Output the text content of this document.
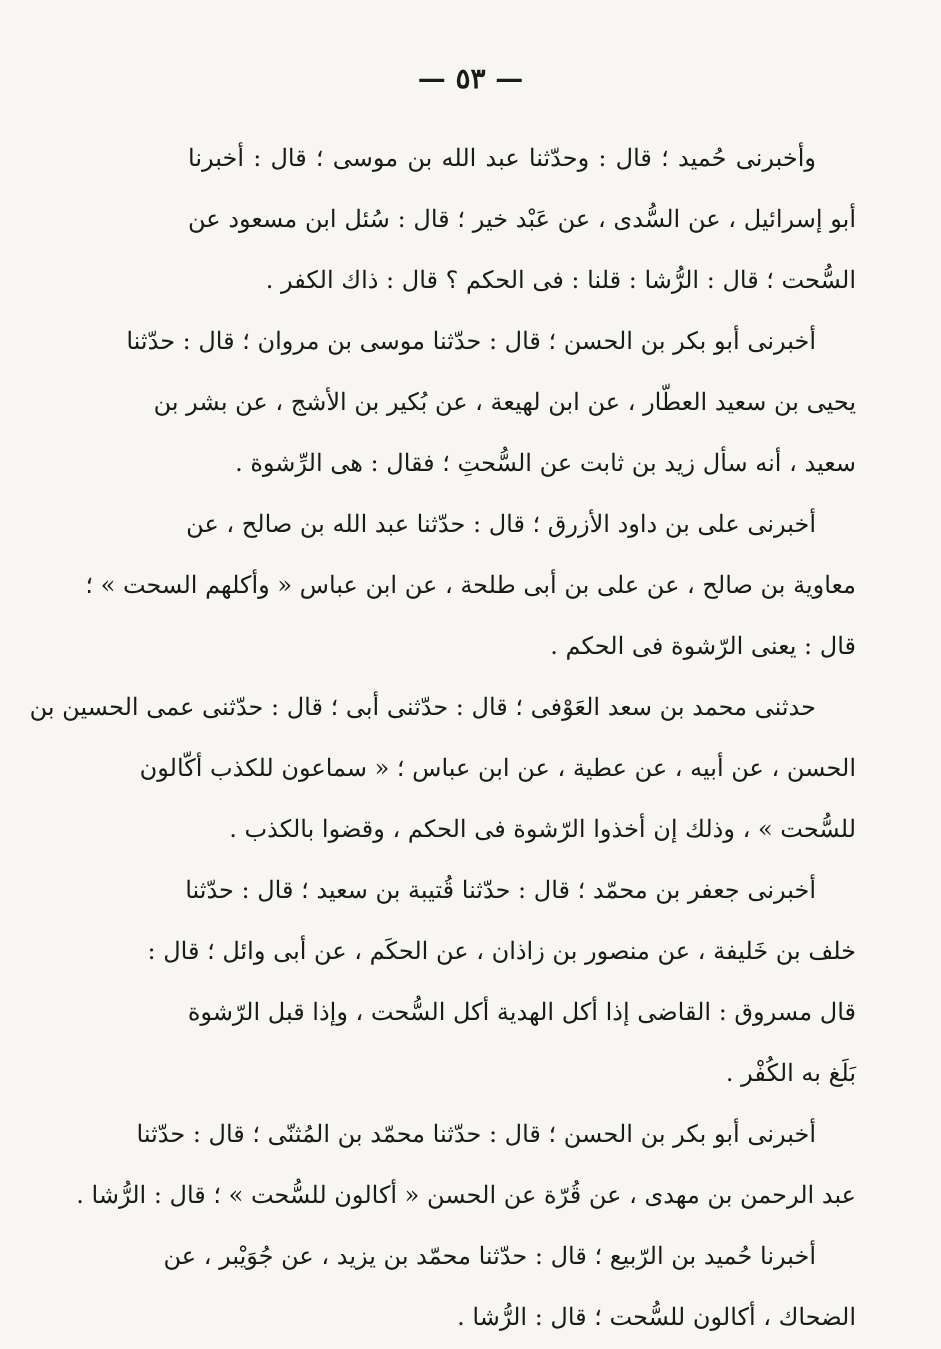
— ٥٣ —
وأخبرنى حُميد ؛ قال : وحدّثنا عبد الله بن موسى ؛ قال : أخبرنا
أبو إسرائيل ، عن السُّدى ، عن عَبْد خير ؛ قال : سُئل ابن مسعود عن
السُّحت ؛ قال : الرُّشا : قلنا : فى الحكم ؟ قال : ذاك الكفر .
أخبرنى أبو بكر بن الحسن ؛ قال : حدّثنا موسى بن مروان ؛ قال : حدّثنا
يحيى بن سعيد العطّار ، عن ابن لهيعة ، عن بُكير بن الأشج ، عن بشر بن
سعيد ، أنه سأل زيد بن ثابت عن السُّحتِ ؛ فقال : هى الرِّشوة .
أخبرنى على بن داود الأزرق ؛ قال : حدّثنا عبد الله بن صالح ، عن
معاوية بن صالح ، عن على بن أبى طلحة ، عن ابن عباس « وأكلهم السحت » ؛
قال : يعنى الرّشوة فى الحكم .
حدثنى محمد بن سعد العَوْفى ؛ قال : حدّثنى أبى ؛ قال : حدّثنى عمى الحسين بن
الحسن ، عن أبيه ، عن عطية ، عن ابن عباس ؛ « سماعون للكذب أكّالون
للسُّحت » ، وذلك إن أخذوا الرّشوة فى الحكم ، وقضوا بالكذب .
أخبرنى جعفر بن محمّد ؛ قال : حدّثنا قُتيبة بن سعيد ؛ قال : حدّثنا
خلف بن خَليفة ، عن منصور بن زاذان ، عن الحكَم ، عن أبى وائل ؛ قال :
قال مسروق : القاضى إذا أكل الهدية أكل السُّحت ، وإذا قبل الرّشوة
بَلَغ به الكُفْر .
أخبرنى أبو بكر بن الحسن ؛ قال : حدّثنا محمّد بن المُثنّى ؛ قال : حدّثنا
عبد الرحمن بن مهدى ، عن قُرّة عن الحسن « أكالون للسُّحت » ؛ قال : الرُّشا .
أخبرنا حُميد بن الرّبيع ؛ قال : حدّثنا محمّد بن يزيد ، عن جُوَيْبر ، عن
الضحاك ، أكالون للسُّحت ؛ قال : الرُّشا .
